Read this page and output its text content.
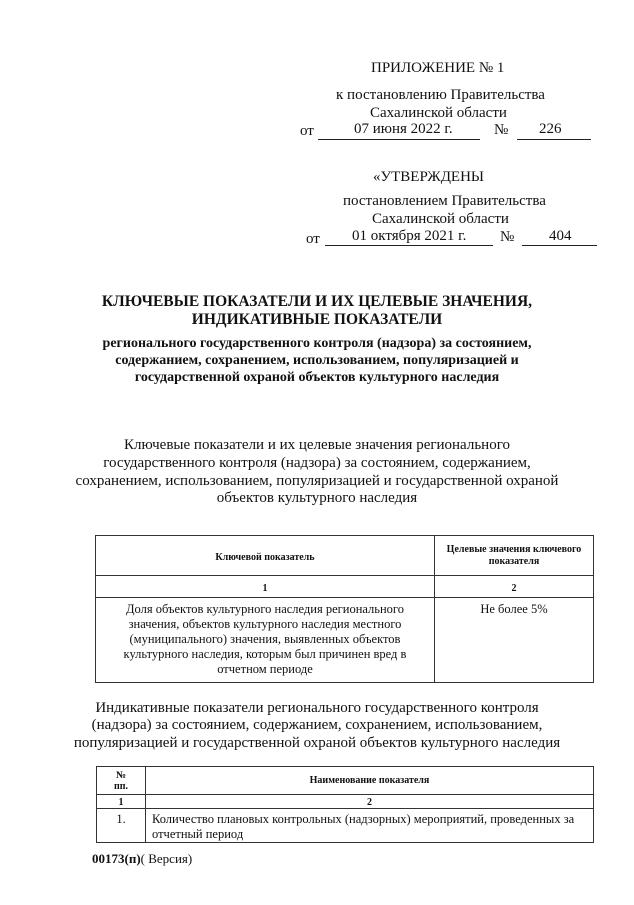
ПРИЛОЖЕНИЕ № 1
к постановлению Правительства
Сахалинской области
от	07 июня 2022 г.	№ 226
«УТВЕРЖДЕНЫ
постановлением Правительства
Сахалинской области
от 01 октября 2021 г. № 404
КЛЮЧЕВЫЕ ПОКАЗАТЕЛИ И ИХ ЦЕЛЕВЫЕ ЗНАЧЕНИЯ,
ИНДИКАТИВНЫЕ ПОКАЗАТЕЛИ
регионального государственного контроля (надзора) за состоянием,
содержанием, сохранением, использованием, популяризацией и
государственной охраной объектов культурного наследия
Ключевые показатели и их целевые значения регионального
государственного контроля (надзора) за состоянием, содержанием,
сохранением, использованием, популяризацией и государственной охраной
объектов культурного наследия
Ключевой показатель	Целевые значения ключевого
показателя

1	2

Доля объектов культурного наследия регионального
значения, объектов культурного наследия местного
(муниципального) значения, выявленных объектов
культурного наследия, которым был причинен вред в
отчетном периоде	Не более 5%
Индикативные показатели регионального государственного контроля
(надзора) за состоянием, содержанием, сохранением, использованием,
популяризацией и государственной охраной объектов культурного наследия
№
пп.	Наименование показателя
1	2
1.	Количество плановых контрольных (надзорных) мероприятий, проведенных за
отчетный период
00173(п)( Версия)
